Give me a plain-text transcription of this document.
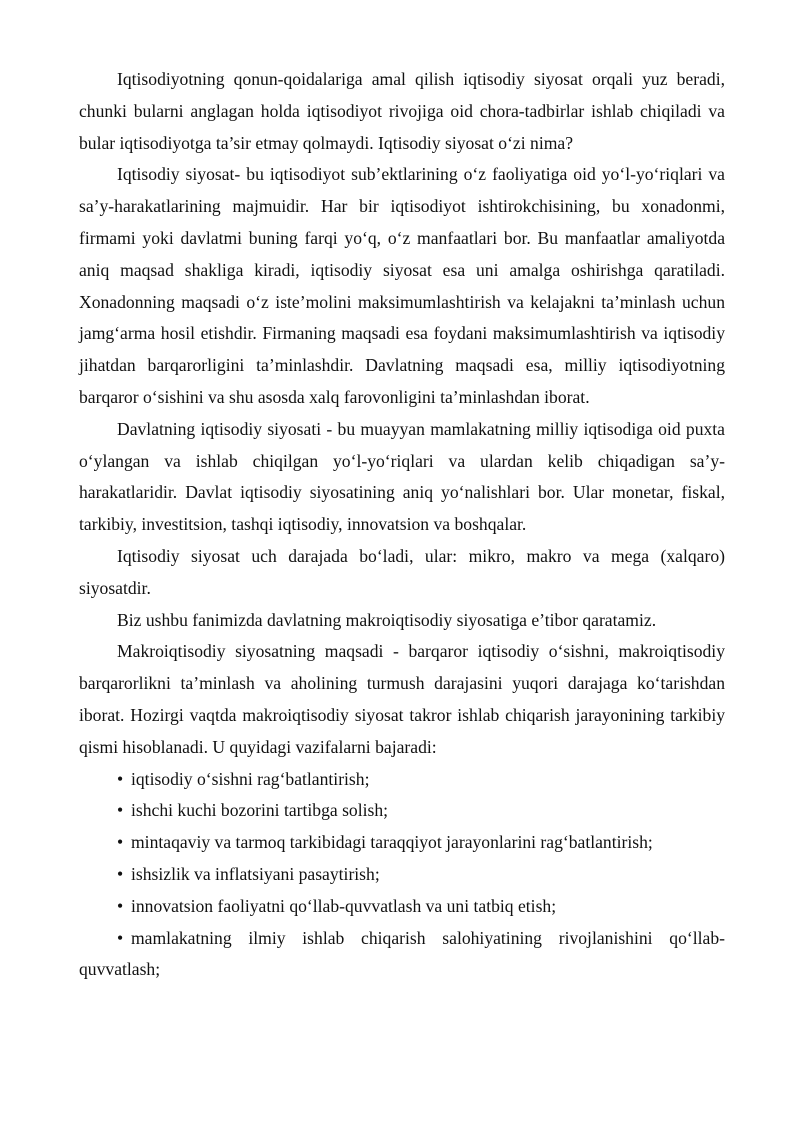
Iqtisodiyotning qonun-qoidalariga amal qilish iqtisodiy siyosat orqali yuz beradi, chunki bularni anglagan holda iqtisodiyot rivojiga oid chora-tadbirlar ishlab chiqiladi va bular iqtisodiyotga ta’sir etmay qolmaydi. Iqtisodiy siyosat o‘zi nima?

Iqtisodiy siyosat- bu iqtisodiyot sub’ektlarining o‘z faoliyatiga oid yo‘l-yo‘riqlari va sa’y-harakatlarining majmuidir. Har bir iqtisodiyot ishtirokchisining, bu xonadonmi, firmami yoki davlatmi buning farqi yo‘q, o‘z manfaatlari bor. Bu manfaatlar amaliyotda aniq maqsad shakliga kiradi, iqtisodiy siyosat esa uni amalga oshirishga qaratiladi. Xonadonning maqsadi o‘z iste’molini maksimumlashtirish va kelajakni ta’minlash uchun jamg‘arma hosil etishdir. Firmaning maqsadi esa foydani maksimumlashtirish va iqtisodiy jihatdan barqarorligini ta’minlashdir. Davlatning maqsadi esa, milliy iqtisodiyotning barqaror o‘sishini va shu asosda xalq farovonligini ta’minlashdan iborat.

Davlatning iqtisodiy siyosati - bu muayyan mamlakatning milliy iqtisodiga oid puxta o‘ylangan va ishlab chiqilgan yo‘l-yo‘riqlari va ulardan kelib chiqadigan sa’y-harakatlaridir. Davlat iqtisodiy siyosatining aniq yo‘nalishlari bor. Ular monetar, fiskal, tarkibiy, investitsion, tashqi iqtisodiy, innovatsion va boshqalar.

Iqtisodiy siyosat uch darajada bo‘ladi, ular: mikro, makro va mega (xalqaro) siyosatdir.

Biz ushbu fanimizda davlatning makroiqtisodiy siyosatiga e’tibor qaratamiz.

Makroiqtisodiy siyosatning maqsadi - barqaror iqtisodiy o‘sishni, makroiqtisodiy barqarorlikni ta’minlash va aholining turmush darajasini yuqori darajaga ko‘tarishdan iborat. Hozirgi vaqtda makroiqtisodiy siyosat takror ishlab chiqarish jarayonining tarkibiy qismi hisoblanadi. U quyidagi vazifalarni bajaradi:

• iqtisodiy o‘sishni rag‘batlantirish;

• ishchi kuchi bozorini tartibga solish;

• mintaqaviy va tarmoq tarkibidagi taraqqiyot jarayonlarini rag‘batlantirish;

• ishsizlik va inflatsiyani pasaytirish;

• innovatsion faoliyatni qo‘llab-quvvatlash va uni tatbiq etish;

• mamlakatning ilmiy ishlab chiqarish salohiyatining rivojlanishini qo‘llab-quvvatlash;
